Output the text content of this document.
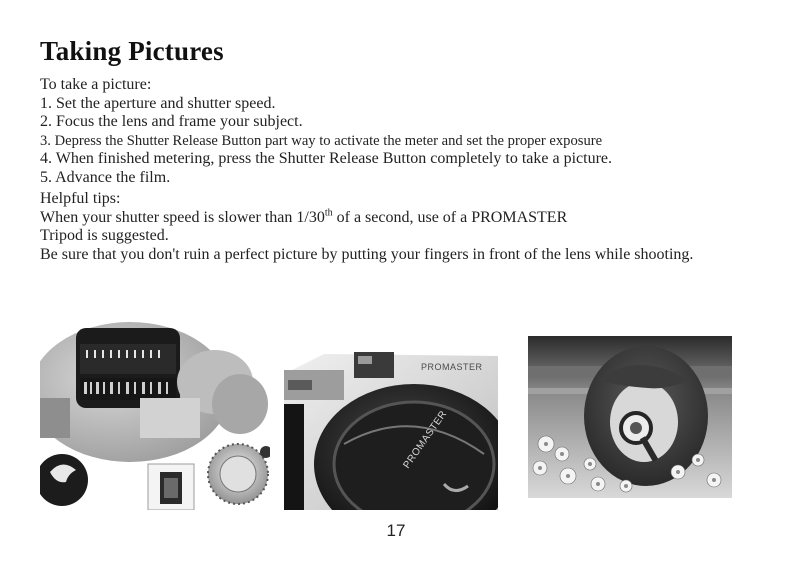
Taking Pictures
To take a picture:
1. Set the aperture and shutter speed.
2. Focus the lens and frame your subject.
3. Depress the Shutter Release Button part way to activate the meter and set the proper exposure
4. When finished metering, press the Shutter Release Button completely to take a picture.
5. Advance the film.
Helpful tips:
When your shutter speed is slower than 1/30th of a second, use of a PROMASTER
Tripod is suggested.
Be sure that you don't ruin a perfect picture by putting your fingers in front of the lens while shooting.
PROMASTER
PROMASTER
17
